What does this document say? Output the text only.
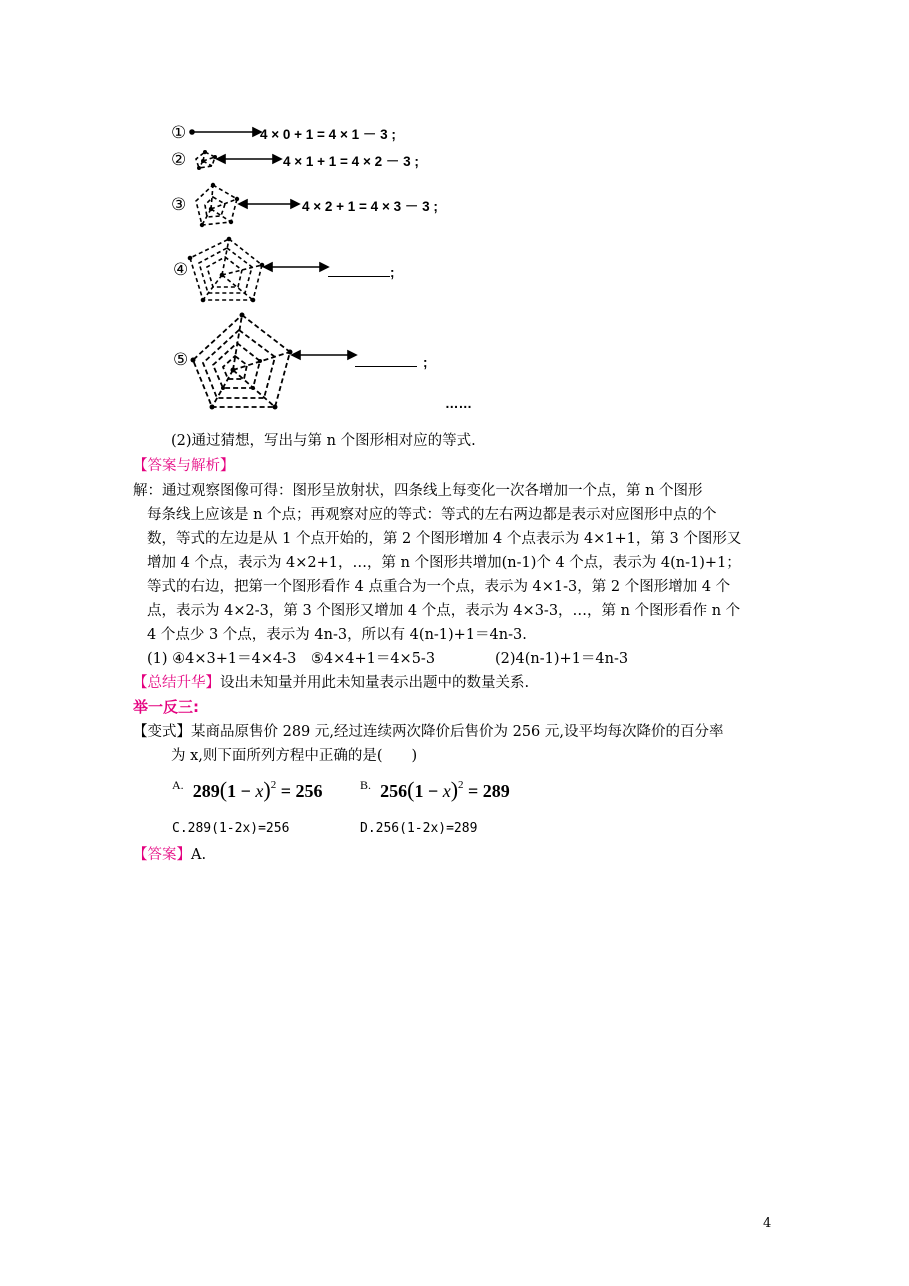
①	4 × 0 + 1 = 4 × 1 － 3 ;
②	4 × 1 + 1 = 4 × 2 － 3 ;
③	4 × 2 + 1 = 4 × 3 － 3 ;
④	;
⑤	;
……
(2)通过猜想，写出与第 n 个图形相对应的等式.
【答案与解析】
解：通过观察图像可得：图形呈放射状，四条线上每变化一次各增加一个点，第 n 个图形
每条线上应该是 n 个点；再观察对应的等式：等式的左右两边都是表示对应图形中点的个
数，等式的左边是从 1 个点开始的，第 2 个图形增加 4 个点表示为 4×1+1，第 3 个图形又
增加 4 个点，表示为 4×2+1，…，第 n 个图形共增加(n-1)个 4 个点，表示为 4(n-1)+1；
等式的右边，把第一个图形看作 4 点重合为一个点，表示为 4×1-3，第 2 个图形增加 4 个
点，表示为 4×2-3，第 3 个图形又增加 4 个点，表示为 4×3-3，…，第 n 个图形看作 n 个
4 个点少 3 个点，表示为 4n-3，所以有 4(n-1)+1＝4n-3.
(1) ④4×3+1＝4×4-3　⑤4×4+1＝4×5-3	(2)4(n-1)+1＝4n-3
【总结升华】设出未知量并用此未知量表示出题中的数量关系.
举一反三:
【变式】某商品原售价 289 元,经过连续两次降价后售价为 256 元,设平均每次降价的百分率
为 x,则下面所列方程中正确的是(　　)
$^{A.}$ $289(1 - x)^2 = 256$	$^{B.}$ $256(1 - x)^2 = 289$
C.289(1-2x)=256	D.256(1-2x)=289
【答案】A.
4
